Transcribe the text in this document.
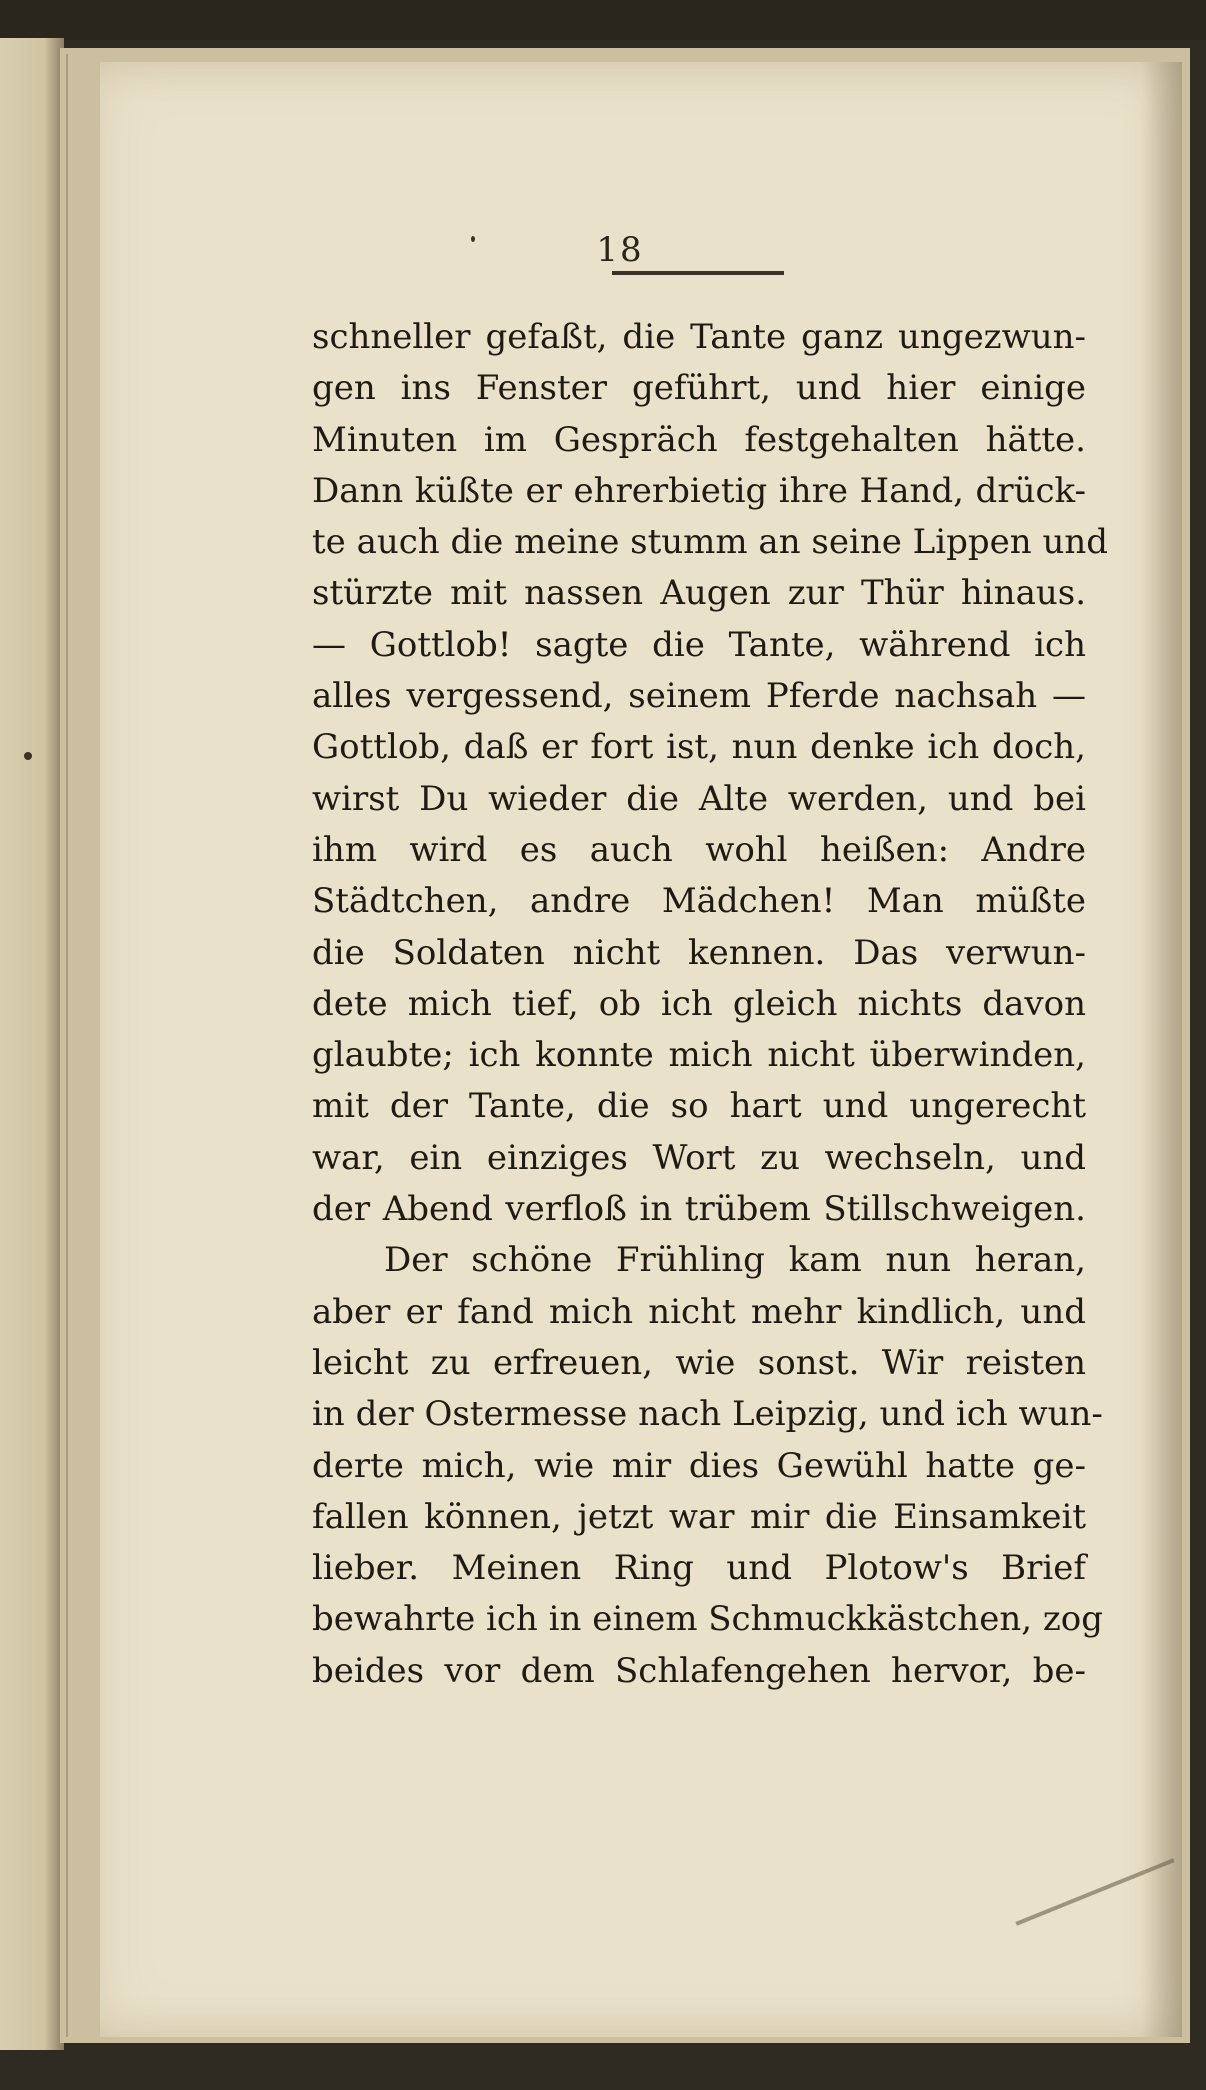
18
schneller gefaßt, die Tante ganz ungezwun-
gen ins Fenster geführt, und hier einige
Minuten im Gespräch festgehalten hätte.
Dann küßte er ehrerbietig ihre Hand, drück-
te auch die meine stumm an seine Lippen und
stürzte mit nassen Augen zur Thür hinaus.
— Gottlob! sagte die Tante, während ich
alles vergessend, seinem Pferde nachsah —
Gottlob, daß er fort ist, nun denke ich doch,
wirst Du wieder die Alte werden, und bei
ihm wird es auch wohl heißen: Andre
Städtchen, andre Mädchen! Man müßte
die Soldaten nicht kennen. Das verwun-
dete mich tief, ob ich gleich nichts davon
glaubte; ich konnte mich nicht überwinden,
mit der Tante, die so hart und ungerecht
war, ein einziges Wort zu wechseln, und
der Abend verfloß in trübem Stillschweigen.
Der schöne Frühling kam nun heran,
aber er fand mich nicht mehr kindlich, und
leicht zu erfreuen, wie sonst. Wir reisten
in der Ostermesse nach Leipzig, und ich wun-
derte mich, wie mir dies Gewühl hatte ge-
fallen können, jetzt war mir die Einsamkeit
lieber. Meinen Ring und Plotow's Brief
bewahrte ich in einem Schmuckkästchen, zog
beides vor dem Schlafengehen hervor, be-
